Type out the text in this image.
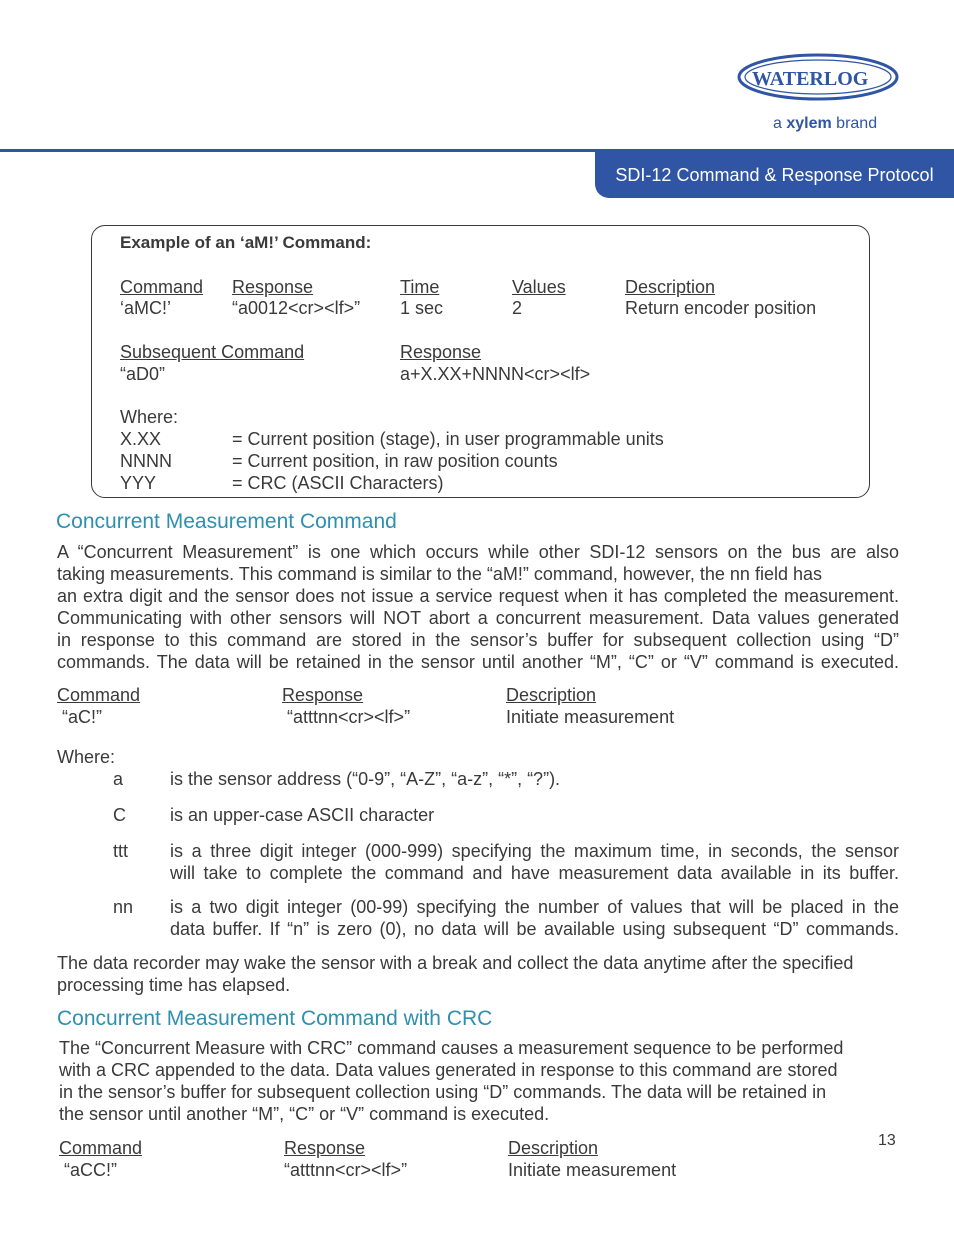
WATERLOG
a xylem brand
SDI-12 Command & Response Protocol
Example of an ‘aM!’ Command:
Command Response	Time	Values	Description
‘aMC!’	“a0012<cr><lf>” 1 sec	2	Return encoder position
Subsequent Command	Response
“aD0”	a+X.XX+NNNN<cr><lf>
Where:
X.XX	= Current position (stage), in user programmable units
NNNN	= Current position, in raw position counts
YYY	= CRC (ASCII Characters)
Concurrent Measurement Command
A “Concurrent Measurement” is one which occurs while other SDI-12 sensors on the bus are also
taking measurements. This command is similar to the “aM!” command, however, the nn field has
an extra digit and the sensor does not issue a service request when it has completed the measurement.
Communicating with other sensors will NOT abort a concurrent measurement. Data values generated
in response to this command are stored in the sensor’s buffer for subsequent collection using “D”
commands. The data will be retained in the sensor until another “M”, “C” or “V” command is executed.
Command	Response	Description
“aC!”	“atttnn<cr><lf>”	Initiate measurement
Where:
a	is the sensor address (“0-9”, “A-Z”, “a-z”, “*”, “?”).
C is an upper-case ASCII character
ttt is a three digit integer (000-999) specifying the maximum time, in seconds, the sensor
will take to complete the command and have measurement data available in its buffer.
nn is a two digit integer (00-99) specifying the number of values that will be placed in the
data buffer. If “n” is zero (0), no data will be available using subsequent “D” commands.
The data recorder may wake the sensor with a break and collect the data anytime after the specified
processing time has elapsed.
Concurrent Measurement Command with CRC
The “Concurrent Measure with CRC” command causes a measurement sequence to be performed
with a CRC appended to the data. Data values generated in response to this command are stored
in the sensor’s buffer for subsequent collection using “D” commands. The data will be retained in
the sensor until another “M”, “C” or “V” command is executed.
Command	Response	Description
“aCC!”	“atttnn<cr><lf>”	Initiate measurement
13
